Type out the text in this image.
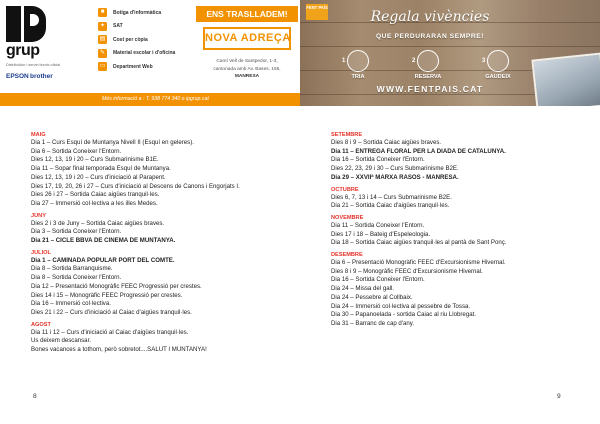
grup
Distribuïdor i servei tècnic oficial
EPSON brother
■	Botiga d'informàtica
✦	SAT
▤	Cost per còpia
✎	Material escolar i d'oficina
▭	Department Web
ENS TRASLLADEM!
NOVA ADREÇA
Camí Vell de Santpedor, 1-3,
cantonada amb Av. Bases, 155,
MANRESA
Més informació a : T. 938 774 340 o ipgrup.cat
FENT PAÍS
Regala vivències
QUE PERDURARAN SEMPRE!
1
TRIA
2
RESERVA
3
GAUDEIX
WWW.FENTPAIS.CAT
MAIG
Dia 1 – Curs Esquí de Muntanya Nivell II (Esquí en geleres).
Dia 6 – Sortida Coneixer l'Entorn.
Dies 12, 13, 19 i 20 – Curs Submarinisme B1E.
Dia 11 – Sopar final temporada Esquí de Muntanya.
Dies 12, 13, 19 i 20 – Curs d'iniciació al Parapent.
Dies 17, 19, 20, 26 i 27 – Curs d'iniciació al Descens de Canons i Engorjats I.
Dies 26 i 27 – Sortida Caiac aigües tranquil·les.
Dia 27 – Immersió col·lectiva a les illes Medes.
JUNY
Dies 2 i 3 de Juny – Sortida Caiac aigües braves.
Dia 3 – Sortida Coneixer l'Entorn.
Dia 21 – CICLE BBVA DE CINEMA DE MUNTANYA.
JULIOL
Dia 1 – CAMINADA POPULAR PORT DEL COMTE.
Dia 8 – Sortida Barranquisme.
Dia 8 – Sortida Coneixer l'Entorn.
Dia 12 – Presentació Monogràfic FEEC Progressió per crestes.
Dies 14 i 15 – Monogràfic FEEC Progressió per crestes.
Dia 16 – Immersió col·lectiva.
Dies 21 i 22 – Curs d'iniciació al Caiac d'aigües tranquil·les.
AGOST
Dia 11 i 12 – Curs d'iniciació al Caiac d'aigües tranquil·les.
Us deixem descansar.
Bones vacances a tothom, però sobretot....SALUT I MUNTANYA!
8
SETEMBRE
Dies 8 i 9 – Sortida Caiac aigües braves.
Dia 11 – ENTREGA FLORAL PER LA DIADA DE CATALUNYA.
Dia 16 – Sortida Coneixer l'Entorn.
Dies 22, 23, 29 i 30 – Curs Submarinisme B2E.
Dia 29 – XXVIIª MARXA RASOS - MANRESA.
OCTUBRE
Dies 6, 7, 13 i 14 – Curs Submarinisme B2E.
Dia 21 – Sortida Caiac d'aigües tranquil·les.
NOVEMBRE
Dia 11 – Sortida Coneixer l'Entorn.
Dies 17 i 18 – Bateig d'Espeleologia.
Dia 18 – Sortida Caiac aigües tranquil·les al pantà de Sant Ponç.
DESEMBRE
Dia 6 – Presentació Monogràfic FEEC d'Excursionisme Hivernal.
Dies 8 i 9 – Monogràfic FEEC d'Excursionisme Hivernal.
Dia 16 – Sortida Coneixer l'Entorn.
Dia 24 – Missa del gall.
Dia 24 – Pessebre al Collbaix.
Dia 24 – Immersió col·lectiva al pessebre de Tossa.
Dia 30 – Papanoelada - sortida Caiac al riu Llobregat.
Dia 31 – Barranc de cap d'any.
9
